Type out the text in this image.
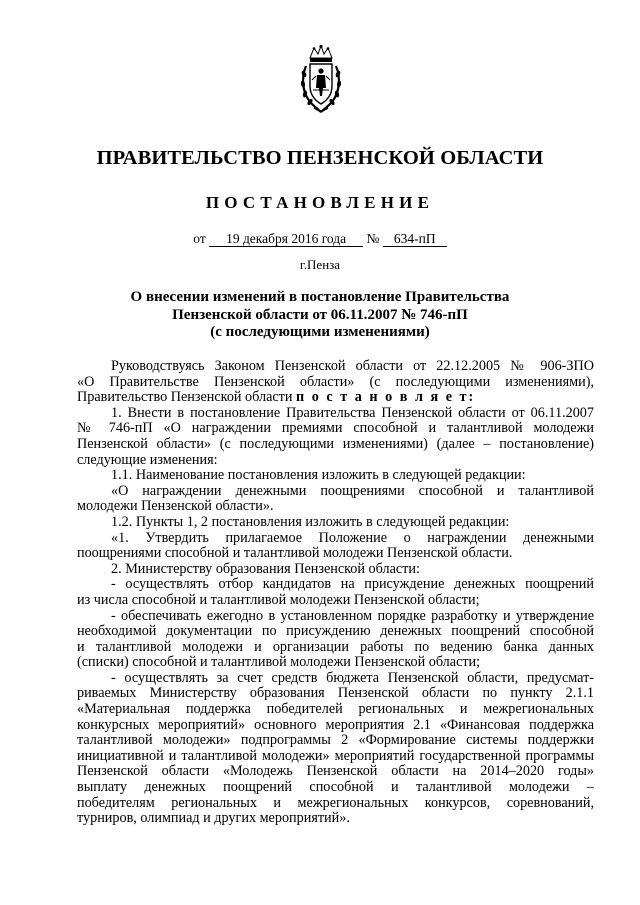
ПРАВИТЕЛЬСТВО ПЕНЗЕНСКОЙ ОБЛАСТИ
ПОСТАНОВЛЕНИЕ
от 19 декабря 2016 года № 634-пП
г.Пенза
О внесении изменений в постановление Правительства
Пензенской области от 06.11.2007 № 746-пП
(с последующими изменениями)
Руководствуясь Законом Пензенской области от 22.12.2005 № 906-ЗПО
«О Правительстве Пензенской области» (с последующими изменениями),
Правительство Пензенской области п о с т а н о в л я е т:
1. Внести в постановление Правительства Пензенской области от 06.11.2007
№ 746-пП «О награждении премиями способной и талантливой молодежи
Пензенской области» (с последующими изменениями) (далее – постановление)
следующие изменения:
1.1. Наименование постановления изложить в следующей редакции:
«О награждении денежными поощрениями способной и талантливой
молодежи Пензенской области».
1.2. Пункты 1, 2 постановления изложить в следующей редакции:
«1. Утвердить прилагаемое Положение о награждении денежными
поощрениями способной и талантливой молодежи Пензенской области.
2. Министерству образования Пензенской области:
- осуществлять отбор кандидатов на присуждение денежных поощрений
из числа способной и талантливой молодежи Пензенской области;
- обеспечивать ежегодно в установленном порядке разработку и утверждение
необходимой документации по присуждению денежных поощрений способной
и талантливой молодежи и организации работы по ведению банка данных
(списки) способной и талантливой молодежи Пензенской области;
- осуществлять за счет средств бюджета Пензенской области, предусмат-
риваемых Министерству образования Пензенской области по пункту 2.1.1
«Материальная поддержка победителей региональных и межрегиональных
конкурсных мероприятий» основного мероприятия 2.1 «Финансовая поддержка
талантливой молодежи» подпрограммы 2 «Формирование системы поддержки
инициативной и талантливой молодежи» мероприятий государственной программы
Пензенской области «Молодежь Пензенской области на 2014–2020 годы»
выплату денежных поощрений способной и талантливой молодежи –
победителям региональных и межрегиональных конкурсов, соревнований,
турниров, олимпиад и других мероприятий».
